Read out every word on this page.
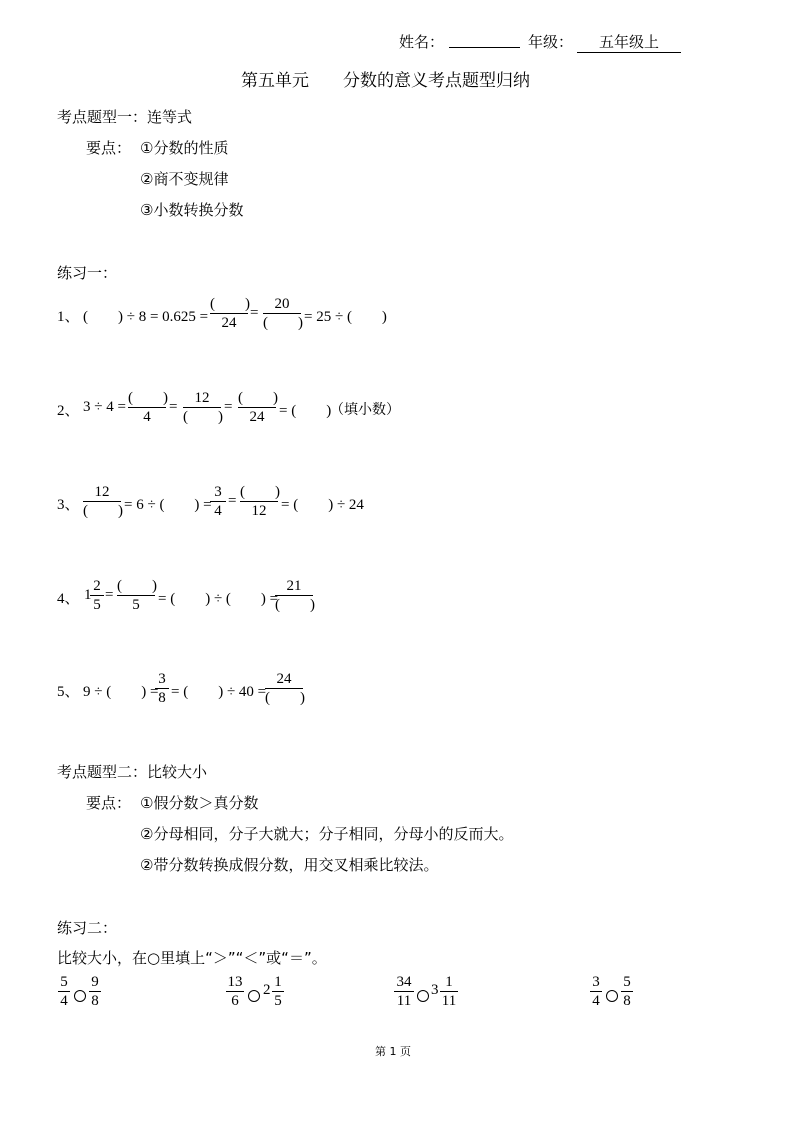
姓名：	年级：	五年级上
第五单元　　分数的意义考点题型归纳
考点题型一：连等式
要点： ①分数的性质
②商不变规律
③小数转换分数
练习一：
1、 (　　) ÷ 8 = 0.625 =
(　　)
24
=
20
(　　) = 25 ÷ (　　)
2、 3 ÷ 4 =
(　　)
4
=
12
(　　)
=
(　　)
24 = (　　)
（填小数）
3、
12
(　　) = 6 ÷ (　　) =
3
4
=
(　　)
12 = (　　) ÷ 24
4、 1
2
5
=
(　　)
5	= (　　) ÷ (　　) =
21
(　　)
5、 9 ÷ (　　) =
3
8 = (　　) ÷ 40 =
24
(　　)
考点题型二：比较大小
要点： ①假分数＞真分数
②分母相同，分子大就大；分子相同，分母小的反而大。
②带分数转换成假分数，用交叉相乘比较法。
练习二：
比较大小，在○里填上“＞”“＜”或“＝”。
5
4
9
8
13
6
2 1
5
34
11
3 1
11
3
4
5
8
第 1 页
